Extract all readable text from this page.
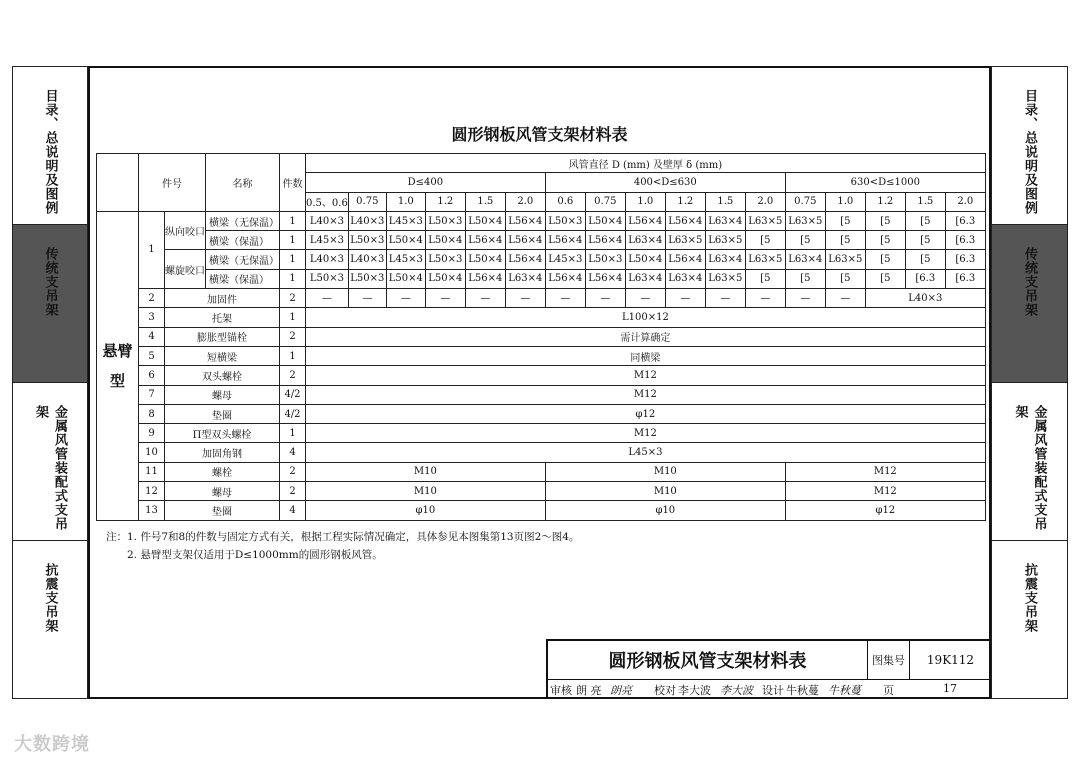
目录、总说明及图例
传统支吊架
金属风管装配式支吊架
抗震支吊架
目录、总说明及图例
传统支吊架
金属风管装配式支吊架
抗震支吊架
圆形钢板风管支架材料表
	件号		名称	件数	风管直径 D (mm) 及壁厚 δ (mm)																
					D≤400						400<D≤630						630<D≤1000				
					0.5、0.6	0.75	1.0	1.2	1.5	2.0	0.6	0.75	1.0	1.2	1.5	2.0	0.75	1.0	1.2	1.5	2.0
悬臂型	1	纵向咬口	横梁（无保温）	1	L40×3	L40×3	L45×3	L50×3	L50×4	L56×4	L50×3	L50×4	L56×4	L56×4	L63×4	L63×5	L63×5	[5	[5	[5	[6.3
			横梁（保温）	1	L45×3	L50×3	L50×4	L50×4	L56×4	L56×4	L56×4	L56×4	L63×4	L63×5	L63×5	[5	[5	[5	[5	[5	[6.3
		螺旋咬口	横梁（无保温）	1	L40×3	L40×3	L45×3	L50×3	L50×4	L56×4	L45×3	L50×3	L50×4	L56×4	L63×4	L63×5	L63×4	L63×5	[5	[5	[6.3
			横梁（保温）	1	L50×3	L50×3	L50×4	L50×4	L56×4	L63×4	L56×4	L56×4	L63×4	L63×4	L63×5	[5	[5	[5	[5	[6.3	[6.3
	2	加固件		2	—	—	—	—	—	—	—	—	—	—	—	—	—	—	L40×3		
	3	托架		1	L100×12																
	4	膨胀型锚栓		2	需计算确定																
	5	短横梁		1	同横梁																
	6	双头螺栓		2	M12																
	7	螺母		4/2	M12																
	8	垫圈		4/2	φ12																
	9	Π型双头螺栓		1	M12																
	10	加固角钢		4	L45×3																
	11	螺栓		2	M10						M10						M12				
	12	螺母		2	M10						M10						M12				
	13	垫圈		4	φ10						φ10						φ12				
注：1. 件号7和8的件数与固定方式有关，根据工程实际情况确定，具体参见本图集第13页图2～图4。
　　2. 悬臂型支架仅适用于D≤1000mm的圆形钢板风管。
圆形钢板风管支架材料表	图集号	19K112
审核 朗 亮 朗亮 校对 李大波 李大波 设计 牛秋蔓 牛秋蔓 页	17
大数跨境
